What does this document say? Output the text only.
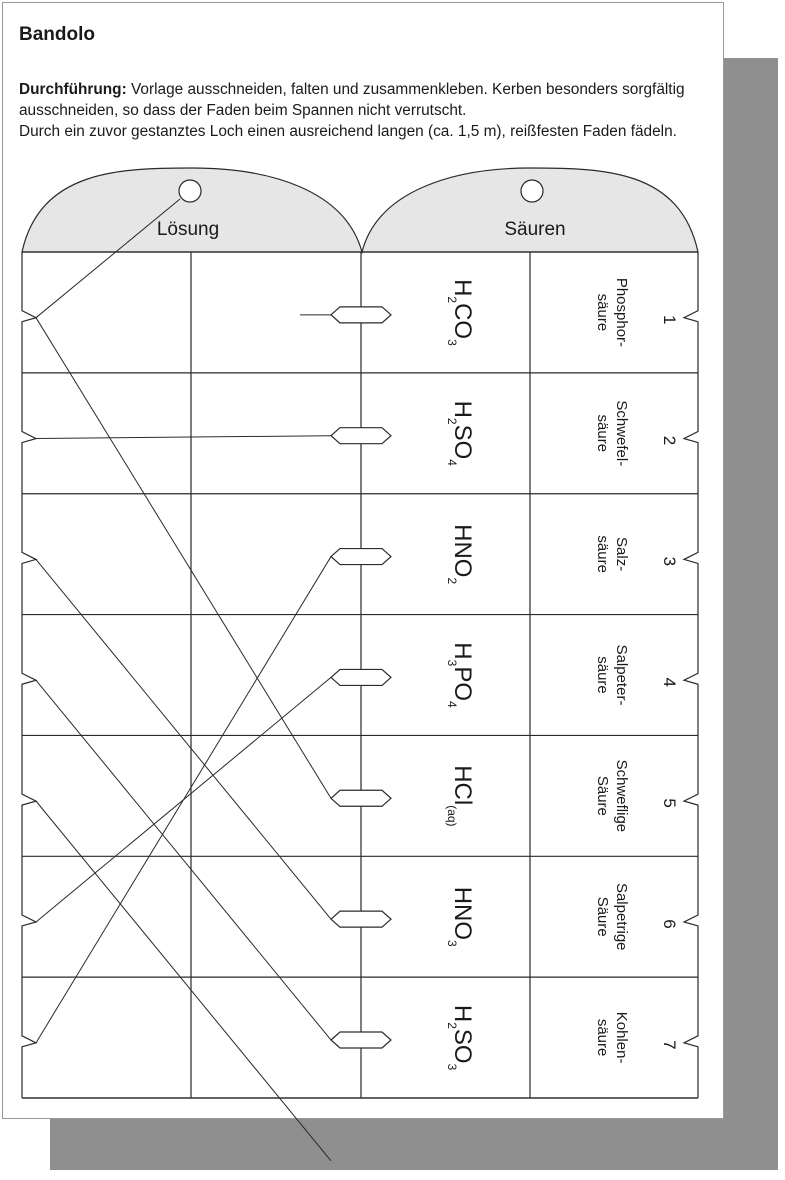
Bandolo

Durchführung: Vorlage ausschneiden, falten und zusammenkleben. Kerben besonders sorgfältig ausschneiden, so dass der Faden beim Spannen nicht verrutscht.
Durch ein zuvor gestanztes Loch einen ausreichend langen (ca. 1,5 m), reißfesten Faden fädeln.

Lösung	Säuren
$H_2CO_3$
$H_2SO_4$
$HNO_2$
$H_3PO_4$
HCl$_{(aq)}$
$HNO_3$
$H_2SO_3$
Phosphor-
säure
Schwefel-
säure
Salz-
säure
Salpeter-
säure
Schweflige
Säure
Salpetrige
Säure
Kohlen-
säure
1
2
3
4
5
6
7
